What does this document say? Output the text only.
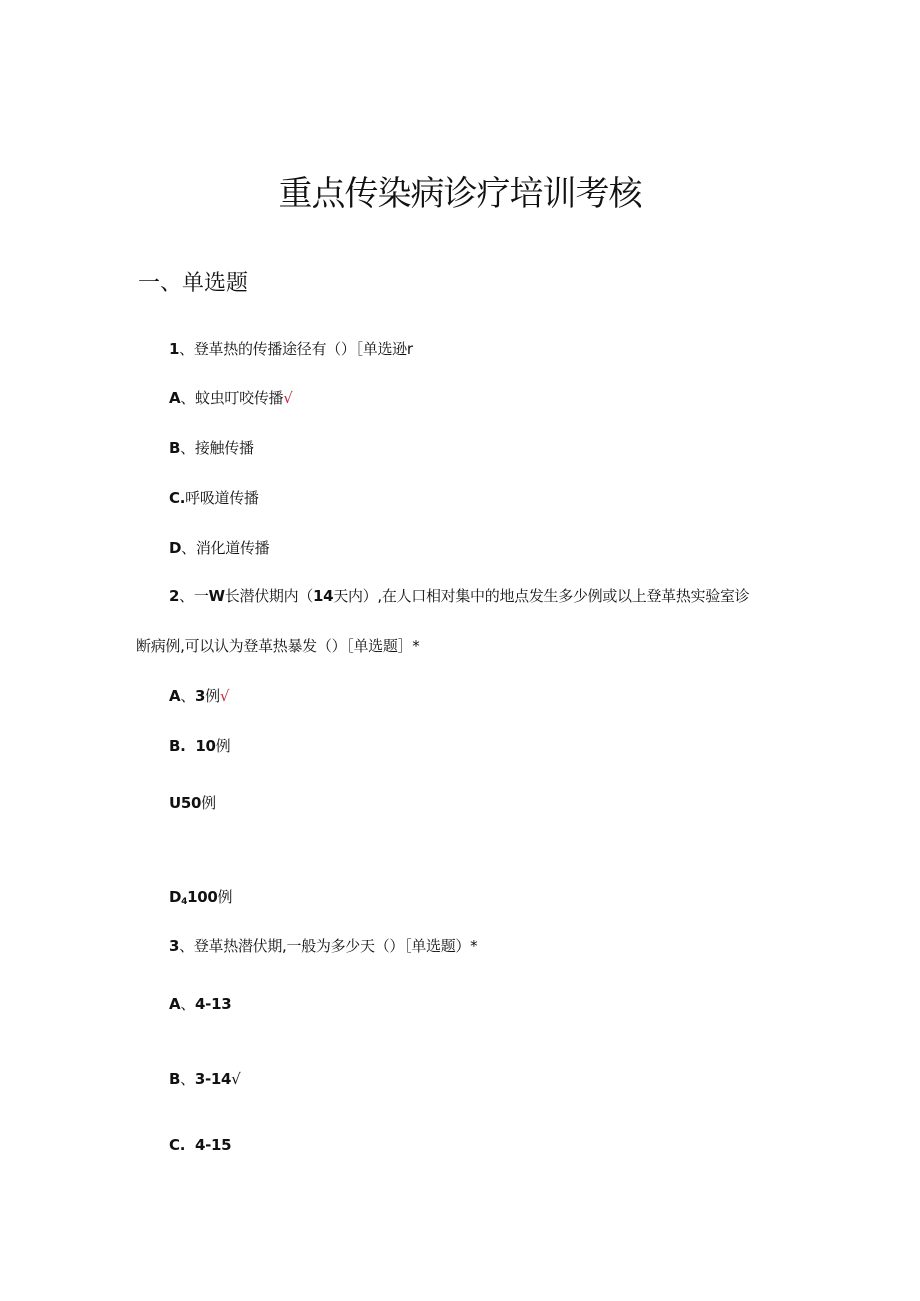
重点传染病诊疗培训考核
一、单选题
1、登革热的传播途径有（）［单选逊r
A、蚊虫叮咬传播√
B、接触传播
C.呼吸道传播
D、消化道传播
2、一W长潜伏期内（14天内）,在人口相对集中的地点发生多少例或以上登革热实验室诊
断病例,可以认为登革热暴发（）［单选题］*
A、3例√
B.  10例
U50例
$D_4100$例
3、登革热潜伏期,一般为多少天（）［单选题）*
A、4-13
B、3-14√
C.  4-15
